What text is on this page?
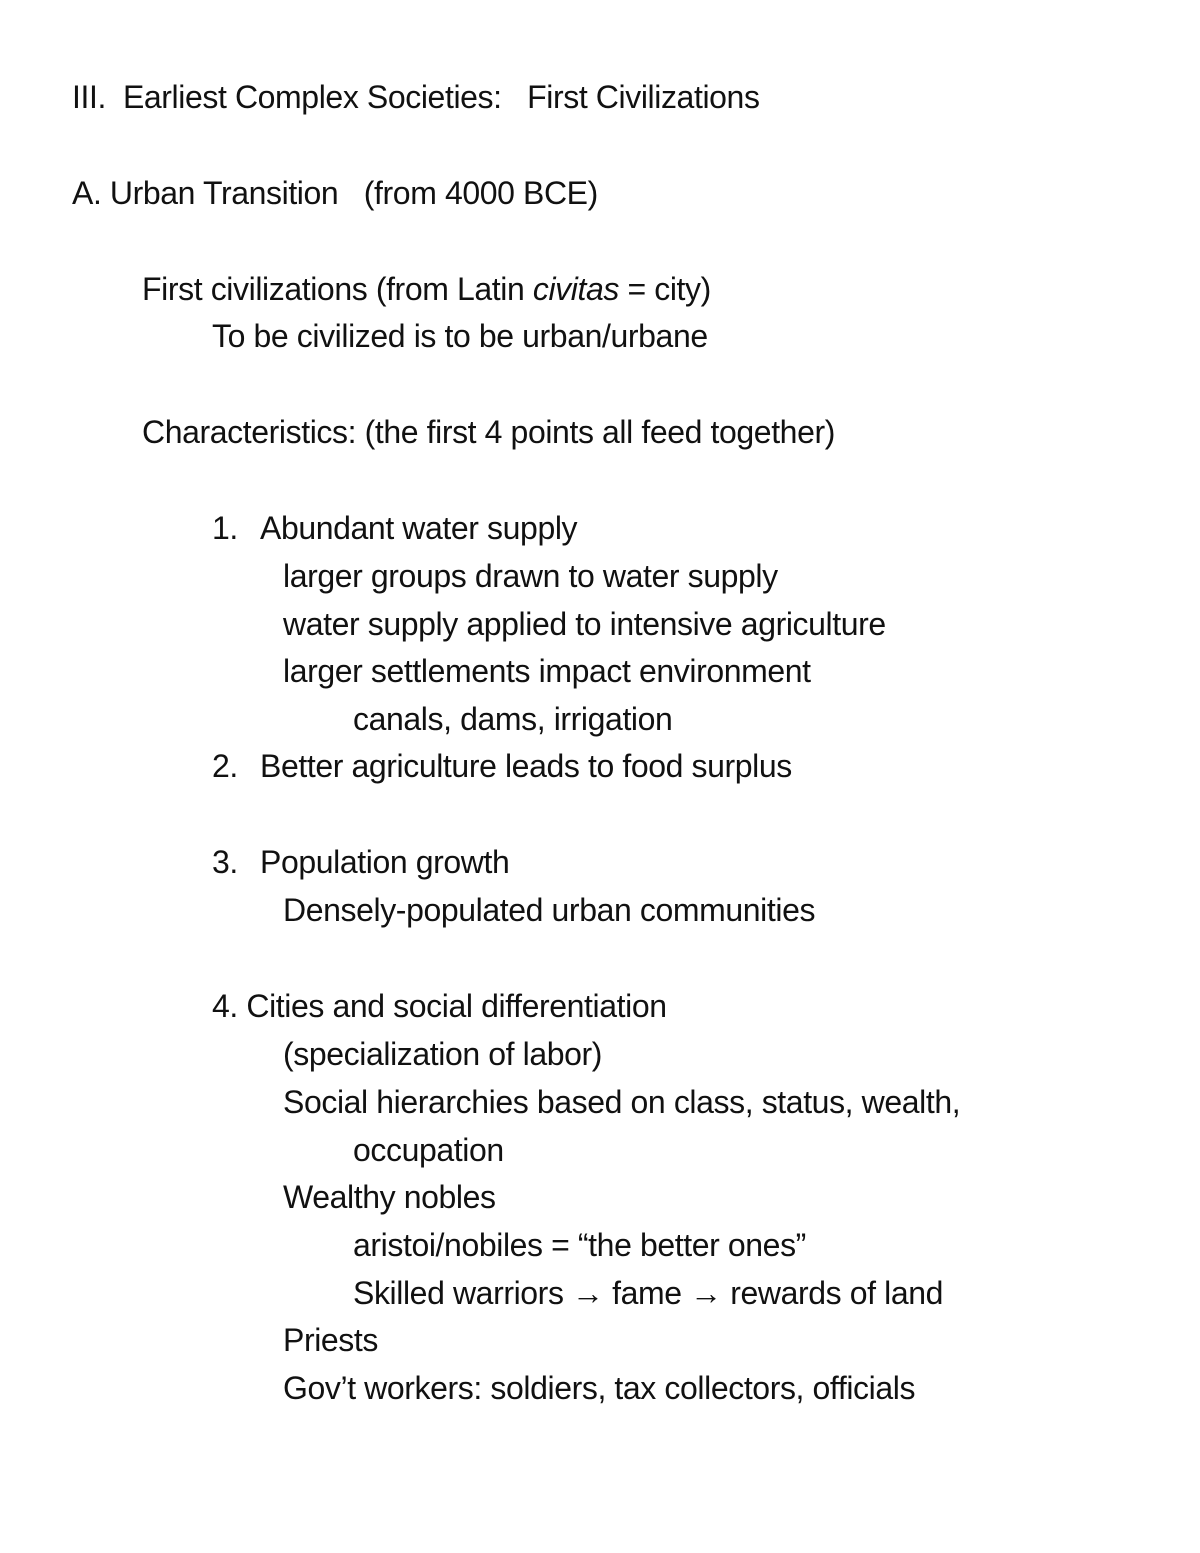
III. Earliest Complex Societies:   First Civilizations
A. Urban Transition (from 4000 BCE)
First civilizations (from Latin civitas = city)
To be civilized is to be urban/urbane
Characteristics: (the first 4 points all feed together)
1. Abundant water supply
larger groups drawn to water supply
water supply applied to intensive agriculture
larger settlements impact environment
canals, dams, irrigation
2. Better agriculture leads to food surplus
3. Population growth
Densely-populated urban communities
4. Cities and social differentiation
(specialization of labor)
Social hierarchies based on class, status, wealth,
occupation
Wealthy nobles
aristoi/nobiles = “the better ones”
Skilled warriors → fame → rewards of land
Priests
Gov’t workers: soldiers, tax collectors, officials
